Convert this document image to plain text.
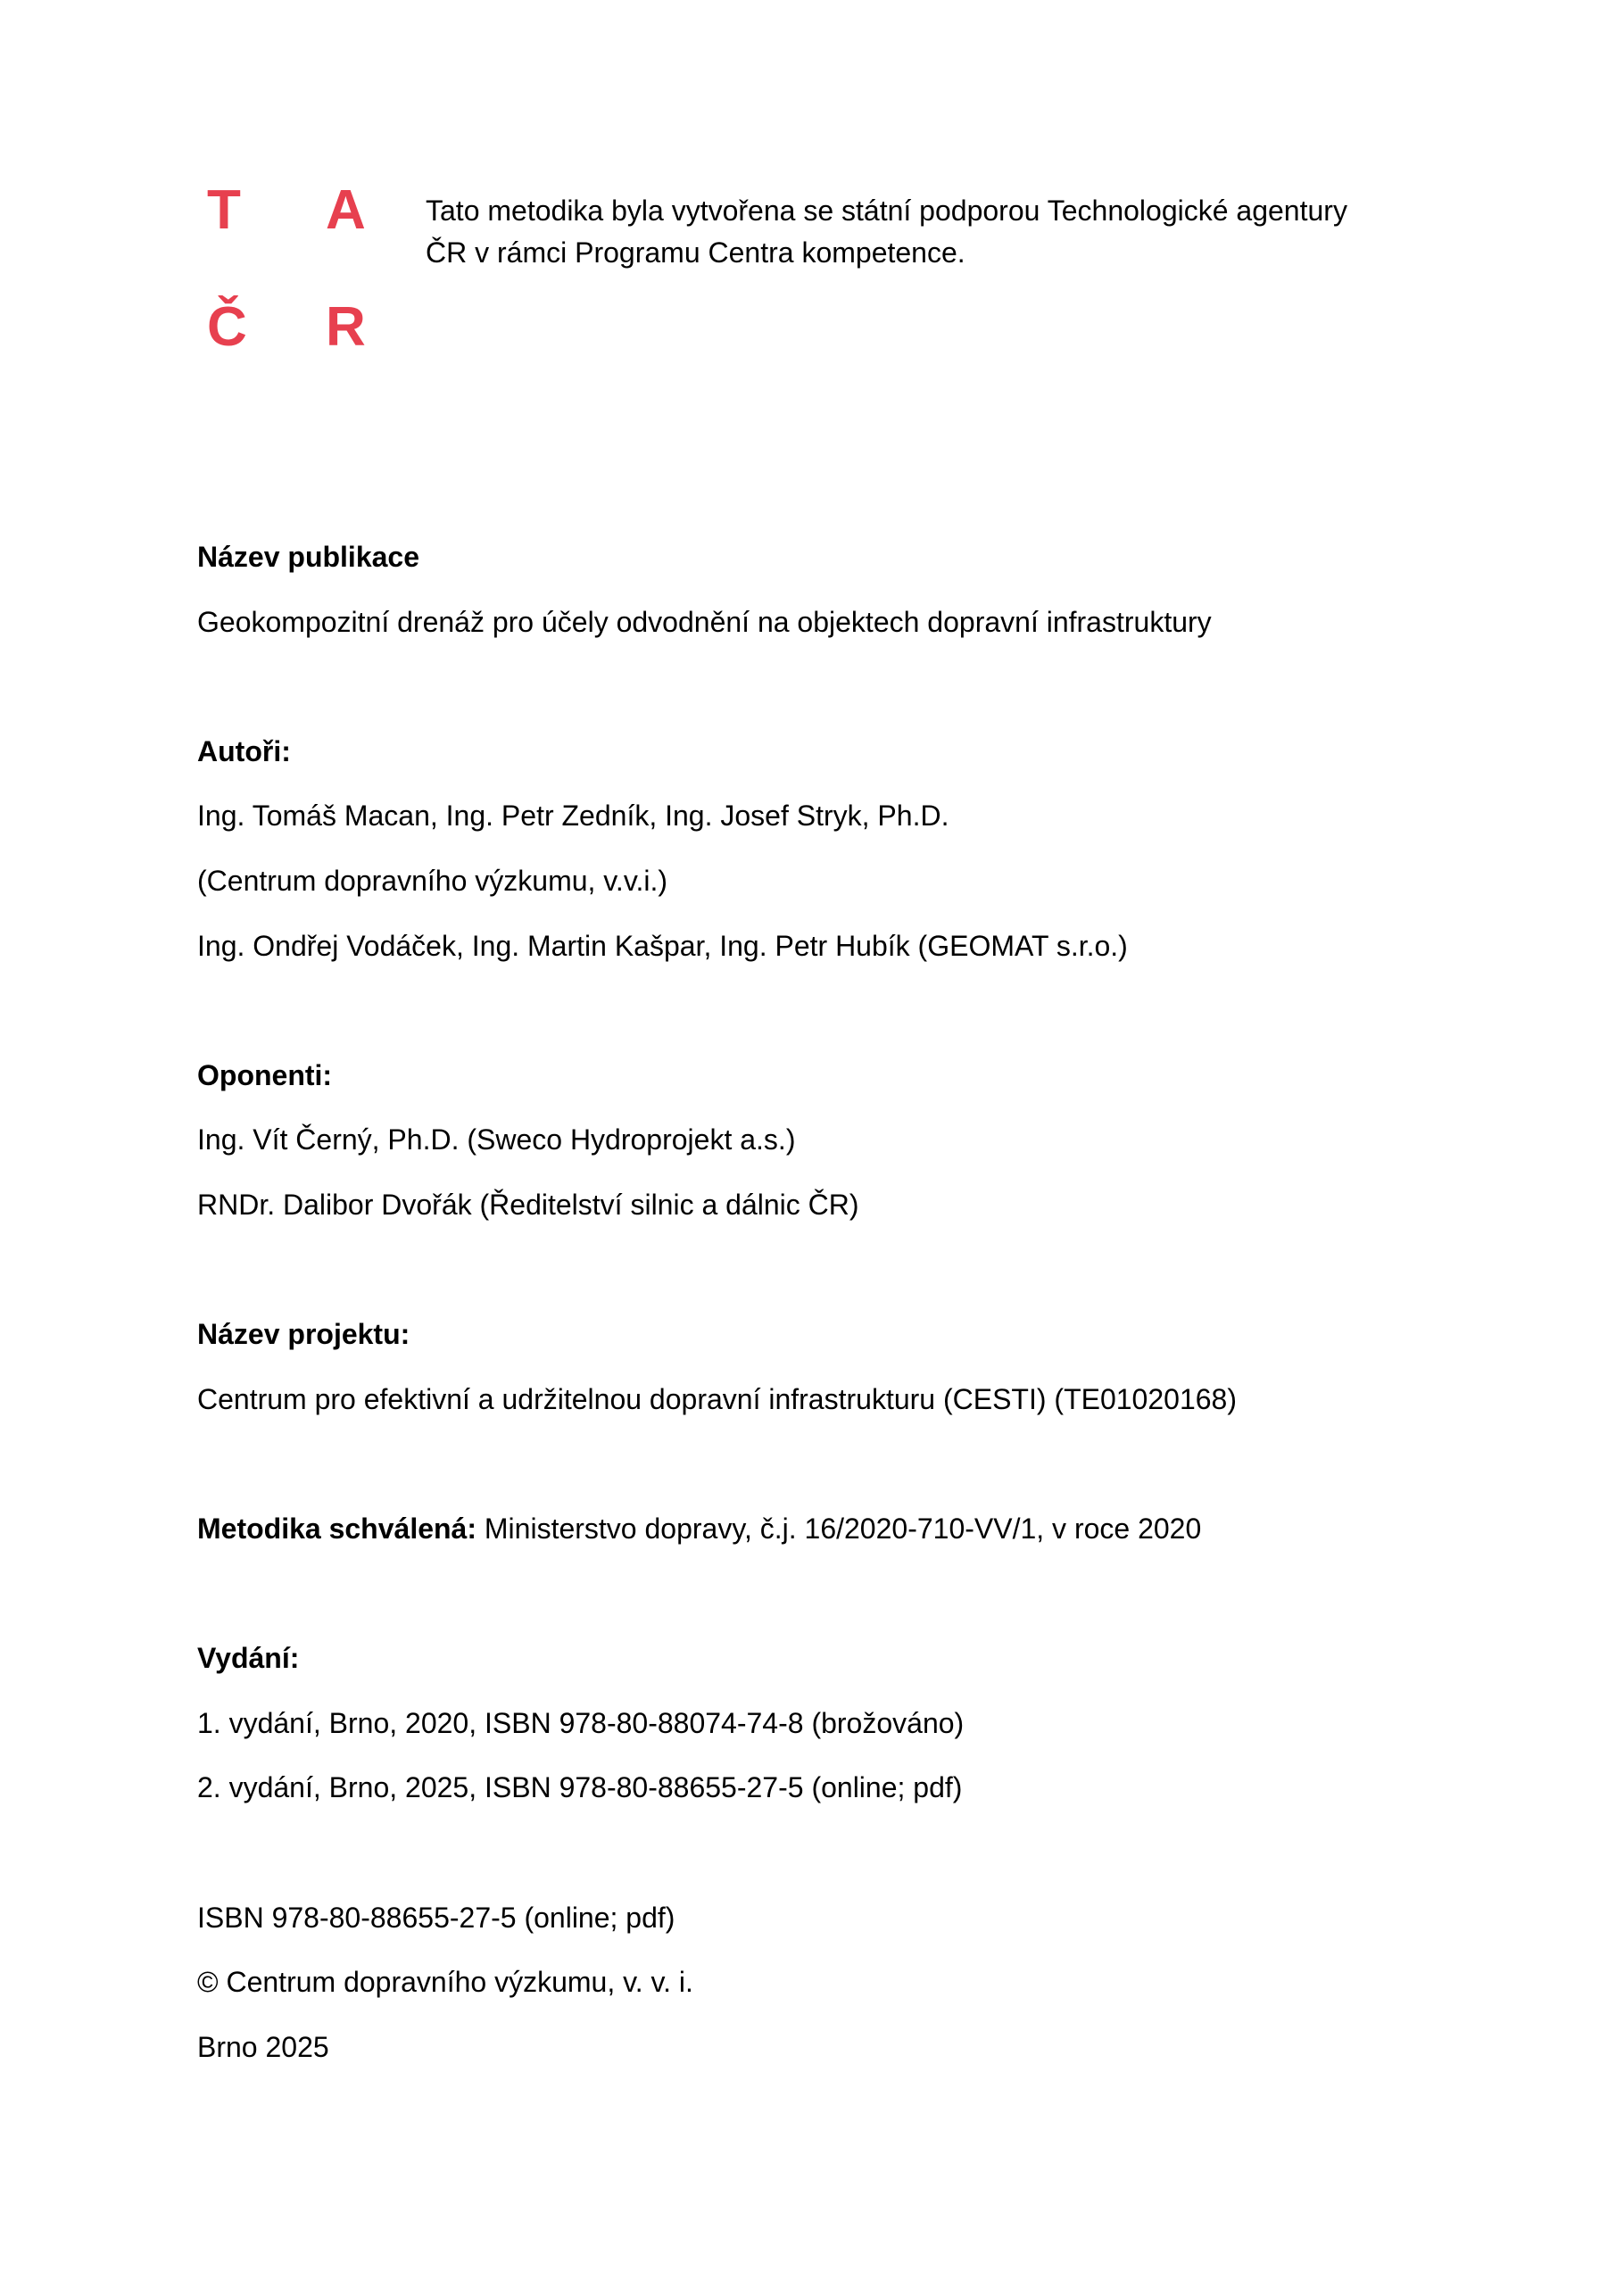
T	A
Č	R
Tato metodika byla vytvořena se státní podporou Technologické agentury
ČR v rámci Programu Centra kompetence.
Název publikace
Geokompozitní drenáž pro účely odvodnění na objektech dopravní infrastruktury
Autoři:
Ing. Tomáš Macan, Ing. Petr Zedník, Ing. Josef Stryk, Ph.D.
(Centrum dopravního výzkumu, v.v.i.)
Ing. Ondřej Vodáček, Ing. Martin Kašpar, Ing. Petr Hubík (GEOMAT s.r.o.)
Oponenti:
Ing. Vít Černý, Ph.D. (Sweco Hydroprojekt a.s.)
RNDr. Dalibor Dvořák (Ředitelství silnic a dálnic ČR)
Název projektu:
Centrum pro efektivní a udržitelnou dopravní infrastrukturu (CESTI) (TE01020168)
Metodika schválená: Ministerstvo dopravy, č.j. 16/2020-710-VV/1, v roce 2020
Vydání:
1. vydání, Brno, 2020, ISBN 978-80-88074-74-8 (brožováno)
2. vydání, Brno, 2025, ISBN 978-80-88655-27-5 (online; pdf)
ISBN 978-80-88655-27-5 (online; pdf)
© Centrum dopravního výzkumu, v. v. i.
Brno 2025
